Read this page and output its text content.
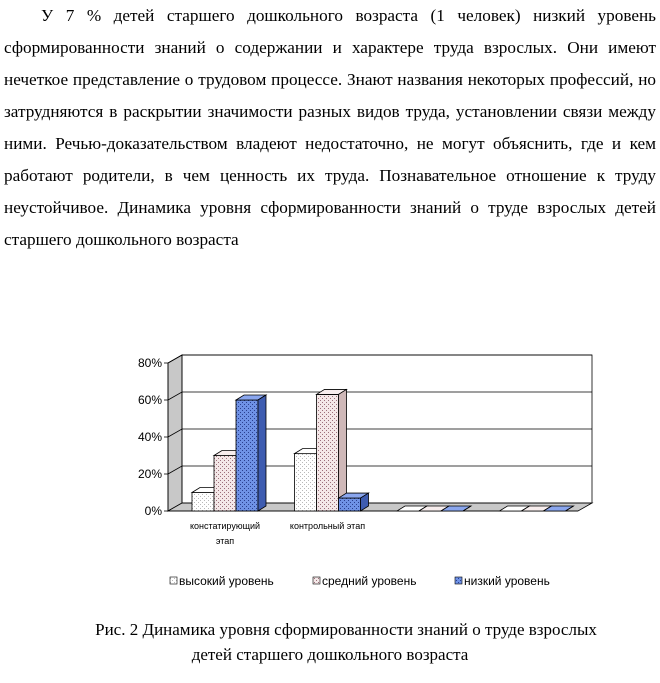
У 7 % детей старшего дошкольного возраста (1 человек) низкий уровень сформированности знаний о содержании и характере труда взрослых. Они имеют нечеткое представление о трудовом процессе. Знают названия некоторых профессий, но затрудняются в раскрытии значимости разных видов труда, установлении связи между ними. Речью-доказательством владеют недостаточно, не могут объяснить, где и кем работают родители, в чем ценность их труда. Познавательное отношение к труду неустойчивое. Динамика уровня сформированности знаний о труде взрослых детей старшего дошкольного возраста

0%
20%
40%
60%
80%
констатирующий
этап
контрольный этап
высокий уровень	средний уровень	низкий уровень

Рис. 2 Динамика уровня сформированности знаний о труде взрослых

детей старшего дошкольного возраста
